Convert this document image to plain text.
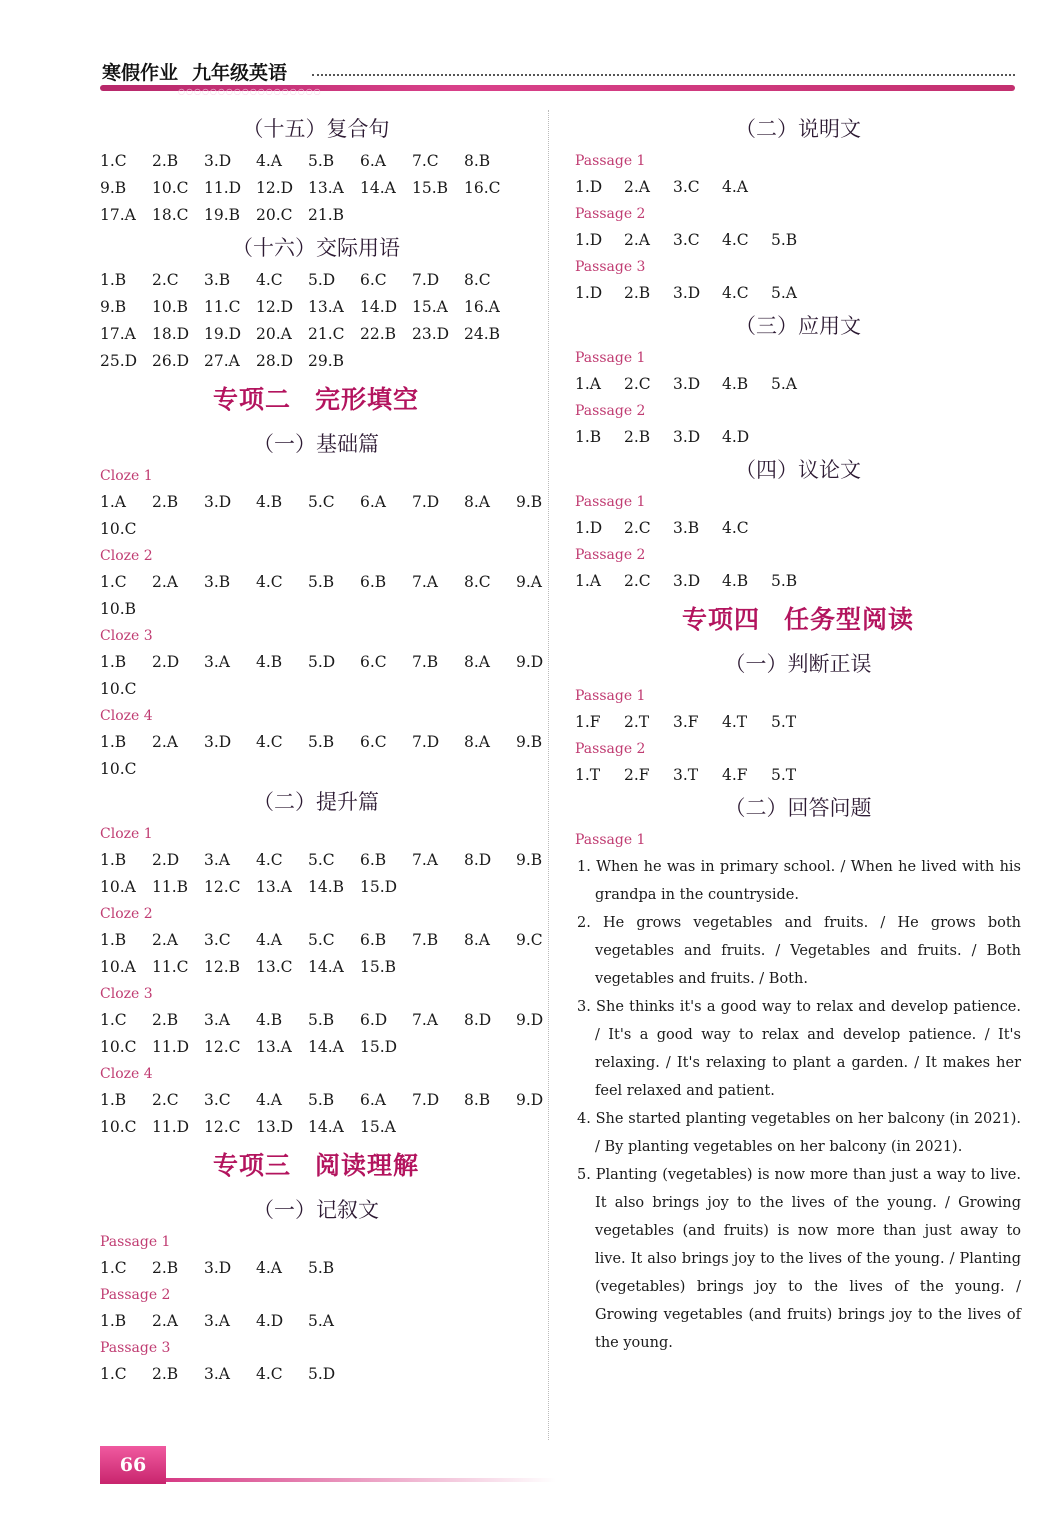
寒假作业 九年级英语
○○○○○○○○○○○○○○○○○○
（十五）复合句
1.C 2.B 3.D 4.A 5.B 6.A 7.C 8.B
9.B 10.C 11.D 12.D 13.A 14.A 15.B 16.C
17.A 18.C 19.B 20.C 21.B
（十六）交际用语
1.B 2.C 3.B 4.C 5.D 6.C 7.D 8.C
9.B 10.B 11.C 12.D 13.A 14.D 15.A 16.A
17.A 18.D 19.D 20.A 21.C 22.B 23.D 24.B
25.D 26.D 27.A 28.D 29.B
专项二 完形填空
（一）基础篇
Cloze 1
1.A 2.B 3.D 4.B 5.C 6.A 7.D 8.A 9.B
10.C
Cloze 2
1.C 2.A 3.B 4.C 5.B 6.B 7.A 8.C 9.A
10.B
Cloze 3
1.B 2.D 3.A 4.B 5.D 6.C 7.B 8.A 9.D
10.C
Cloze 4
1.B 2.A 3.D 4.C 5.B 6.C 7.D 8.A 9.B
10.C
（二）提升篇
Cloze 1
1.B 2.D 3.A 4.C 5.C 6.B 7.A 8.D 9.B
10.A 11.B 12.C 13.A 14.B 15.D
Cloze 2
1.B 2.A 3.C 4.A 5.C 6.B 7.B 8.A 9.C
10.A 11.C 12.B 13.C 14.A 15.B
Cloze 3
1.C 2.B 3.A 4.B 5.B 6.D 7.A 8.D 9.D
10.C 11.D 12.C 13.A 14.A 15.D
Cloze 4
1.B 2.C 3.C 4.A 5.B 6.A 7.D 8.B 9.D
10.C 11.D 12.C 13.D 14.A 15.A
专项三 阅读理解
（一）记叙文
Passage 1
1.C 2.B 3.D 4.A 5.B
Passage 2
1.B 2.A 3.A 4.D 5.A
Passage 3
1.C 2.B 3.A 4.C 5.D
（二）说明文
Passage 1
1.D 2.A 3.C 4.A
Passage 2
1.D 2.A 3.C 4.C 5.B
Passage 3
1.D 2.B 3.D 4.C 5.A
（三）应用文
Passage 1
1.A 2.C 3.D 4.B 5.A
Passage 2
1.B 2.B 3.D 4.D
（四）议论文
Passage 1
1.D 2.C 3.B 4.C
Passage 2
1.A 2.C 3.D 4.B 5.B
专项四 任务型阅读
（一）判断正误
Passage 1
1.F 2.T 3.F 4.T 5.T
Passage 2
1.T 2.F 3.T 4.F 5.T
（二）回答问题
Passage 1

1. When he was in primary school. / When he lived with his grandpa in the countryside.

2. He grows vegetables and fruits. / He grows both vegetables and fruits. / Vegetables and fruits. / Both vegetables and fruits. / Both.

3. She thinks it's a good way to relax and develop patience. / It's a good way to relax and develop patience. / It's relaxing. / It's relaxing to plant a garden. / It makes her feel relaxed and patient.

4. She started planting vegetables on her balcony (in 2021). / By planting vegetables on her balcony (in 2021).

5. Planting (vegetables) is now more than just a way to live. It also brings joy to the lives of the young. / Growing vegetables (and fruits) is now more than just away to live. It also brings joy to the lives of the young. / Planting (vegetables) brings joy to the lives of the young. / Growing vegetables (and fruits) brings joy to the lives of the young.

66
